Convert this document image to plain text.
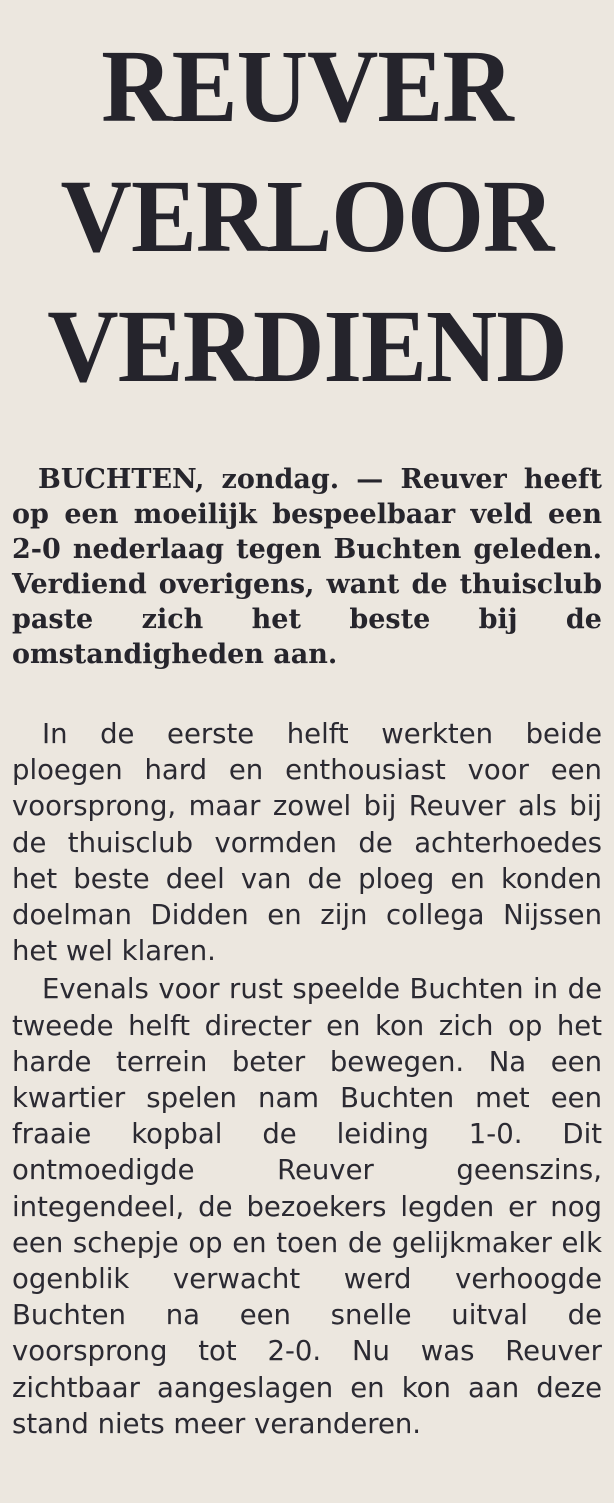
REUVER
VERLOOR
VERDIEND

BUCHTEN, zondag. — Reuver heeft op een moeilijk bespeelbaar veld een 2-0 nederlaag tegen Buchten geleden. Verdiend overigens, want de thuisclub paste zich het beste bij de omstandigheden aan.

In de eerste helft werkten beide ploegen hard en enthousiast voor een voorsprong, maar zowel bij Reuver als bij de thuisclub vormden de achterhoedes het beste deel van de ploeg en konden doelman Didden en zijn collega Nijssen het wel klaren.

Evenals voor rust speelde Buchten in de tweede helft directer en kon zich op het harde terrein beter bewegen. Na een kwartier spelen nam Buchten met een fraaie kopbal de leiding 1-0. Dit ontmoedigde Reuver geenszins, integendeel, de bezoekers legden er nog een schepje op en toen de gelijkmaker elk ogenblik verwacht werd verhoogde Buchten na een snelle uitval de voorsprong tot 2-0. Nu was Reuver zichtbaar aangeslagen en kon aan deze stand niets meer veranderen.
